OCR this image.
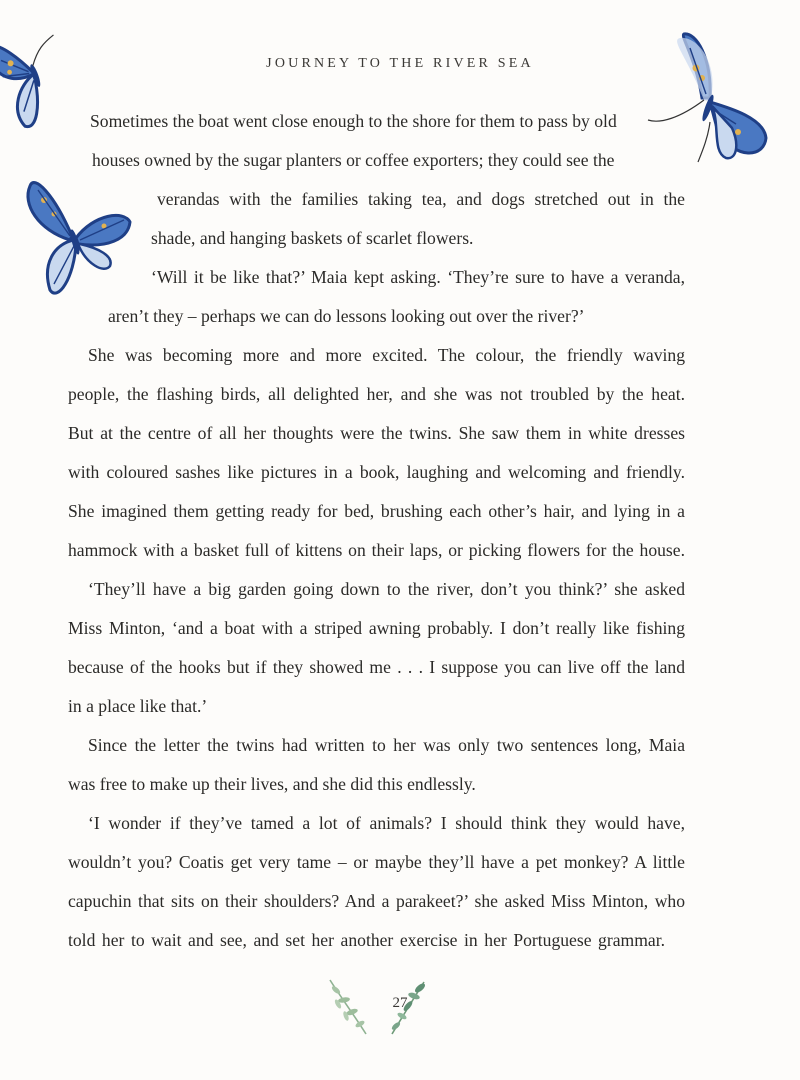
JOURNEY TO THE RIVER SEA
Sometimes the boat went close enough to the shore for them to pass by old
houses owned by the sugar planters or coffee exporters; they could see the
verandas with the families taking tea, and dogs stretched out in the
shade, and hanging baskets of scarlet flowers.
‘Will it be like that?’ Maia kept asking. ‘They’re sure to have a veranda,
aren’t they – perhaps we can do lessons looking out over the river?’
She was becoming more and more excited. The colour, the friendly waving
people, the flashing birds, all delighted her, and she was not troubled by the heat.
But at the centre of all her thoughts were the twins. She saw them in white dresses
with coloured sashes like pictures in a book, laughing and welcoming and friendly.
She imagined them getting ready for bed, brushing each other’s hair, and lying in a
hammock with a basket full of kittens on their laps, or picking flowers for the house.
‘They’ll have a big garden going down to the river, don’t you think?’ she asked
Miss Minton, ‘and a boat with a striped awning probably. I don’t really like fishing
because of the hooks but if they showed me . . . I suppose you can live off the land
in a place like that.’
Since the letter the twins had written to her was only two sentences long, Maia
was free to make up their lives, and she did this endlessly.
‘I wonder if they’ve tamed a lot of animals? I should think they would have,
wouldn’t you? Coatis get very tame – or maybe they’ll have a pet monkey? A little
capuchin that sits on their shoulders? And a parakeet?’ she asked Miss Minton, who
told her to wait and see, and set her another exercise in her Portuguese grammar.
27
